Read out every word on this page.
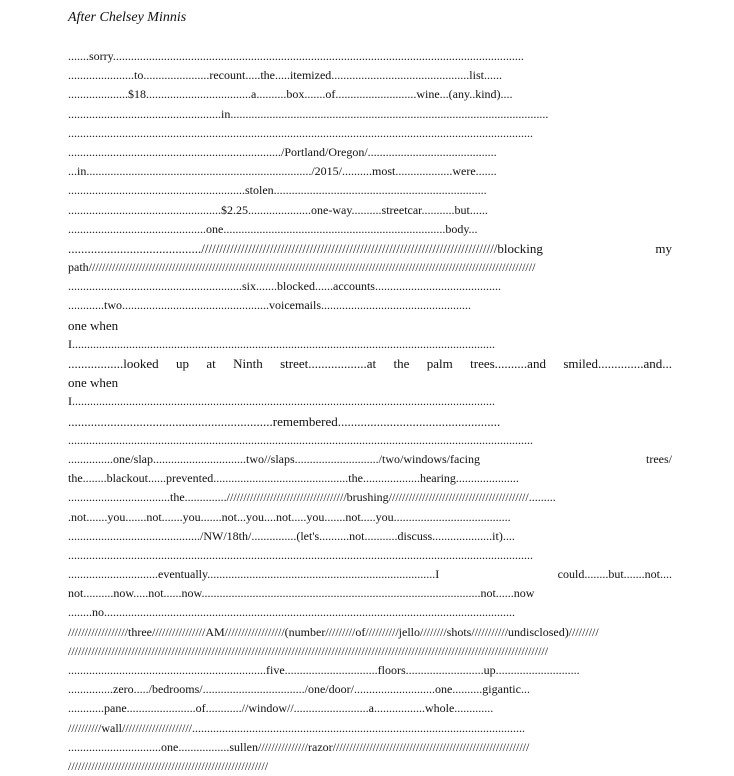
After Chelsey Minnis
.......sorry.........................................................................................................................................
......................to......................recount.....the.....itemized..............................................list......
....................$18...................................a..........box.......of...........................wine...(any..kind)....
...................................................in..........................................................................................................
...........................................................................................................................................................
......................................................................./Portland/Oregon/...........................................
...in.........................................................................../2015/..........most...................were.......
...........................................................stolen.......................................................................
...................................................$2.25.....................one-way..........streetcar...........but......
..............................................one..........................................................................body...
.........................................//////////////////////////////////////////////////////////////////////////////////blocking my
path//////////////////////////////////////////////////////////////////////////////////////////////////////////////////////////////////////
..........................................................six.......blocked......accounts..........................................
............two.................................................voicemails..................................................
one when
I.............................................................................................................................................
.................looked up at Ninth street..................at the palm trees..........and smiled..............and...
one when
I.............................................................................................................................................
...............................................................remembered..................................................
...........................................................................................................................................................
...............one/slap...............................two//slaps............................/two/windows/facing trees/
the........blackout......prevented.............................................the...................hearing.....................
..................................the..............////////////////////////////////////brushing//////////////////////////////////////////.........
.not.......you.......not.......you.......not...you....not.....you.......not.....you.......................................
............................................/NW/18th/...............(let's..........not...........discuss....................it)....
...........................................................................................................................................................
..............................eventually............................................................................I could........but.......not....
not..........now.....not......now.............................................................................................not......now
........no.........................................................................................................................................
//////////////////three////////////////AM//////////////////(number/////////of//////////jello////////shots///////////undisclosed)/////////
////////////////////////////////////////////////////////////////////////////////////////////////////////////////////////////////////////////////
..................................................................five...............................floors..........................up............................
...............zero...../bedrooms/................................../one/door/...........................one..........gigantic...
............pane.......................of............//window//.........................a.................whole.............
//////////wall/////////////////////...............................................................................................................
...............................one.................sullen///////////////razor///////////////////////////////////////////////////////////
////////////////////////////////////////////////////////////
